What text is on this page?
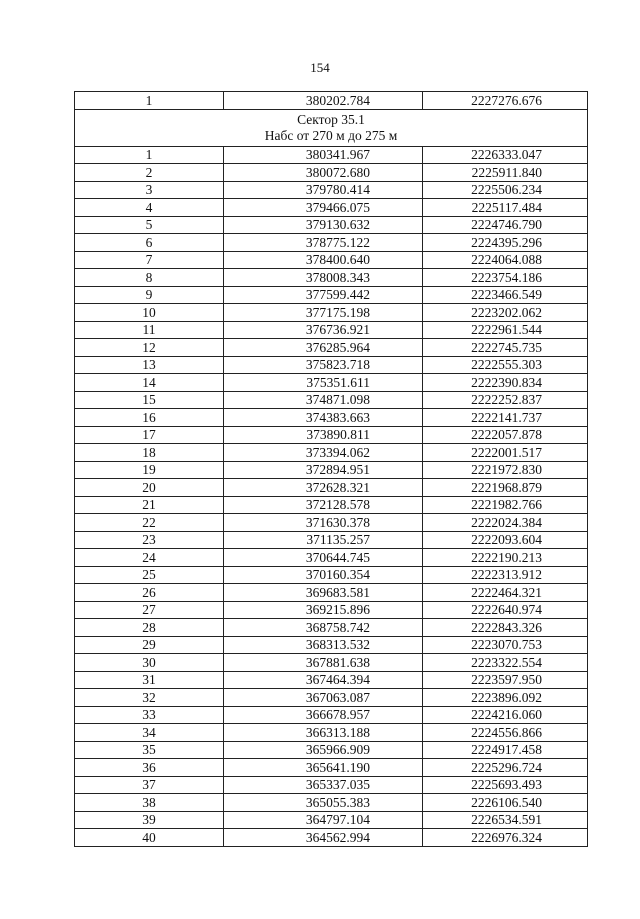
154
1	380202.784	2227276.676

Сектор 35.1
Набс от 270 м до 275 м		

1	380341.967	2226333.047
2	380072.680	2225911.840
3	379780.414	2225506.234
4	379466.075	2225117.484
5	379130.632	2224746.790
6	378775.122	2224395.296
7	378400.640	2224064.088
8	378008.343	2223754.186
9	377599.442	2223466.549
10	377175.198	2223202.062
11	376736.921	2222961.544
12	376285.964	2222745.735
13	375823.718	2222555.303
14	375351.611	2222390.834
15	374871.098	2222252.837
16	374383.663	2222141.737
17	373890.811	2222057.878
18	373394.062	2222001.517
19	372894.951	2221972.830
20	372628.321	2221968.879
21	372128.578	2221982.766
22	371630.378	2222024.384
23	371135.257	2222093.604
24	370644.745	2222190.213
25	370160.354	2222313.912
26	369683.581	2222464.321
27	369215.896	2222640.974
28	368758.742	2222843.326
29	368313.532	2223070.753
30	367881.638	2223322.554
31	367464.394	2223597.950
32	367063.087	2223896.092
33	366678.957	2224216.060
34	366313.188	2224556.866
35	365966.909	2224917.458
36	365641.190	2225296.724
37	365337.035	2225693.493
38	365055.383	2226106.540
39	364797.104	2226534.591
40	364562.994	2226976.324
